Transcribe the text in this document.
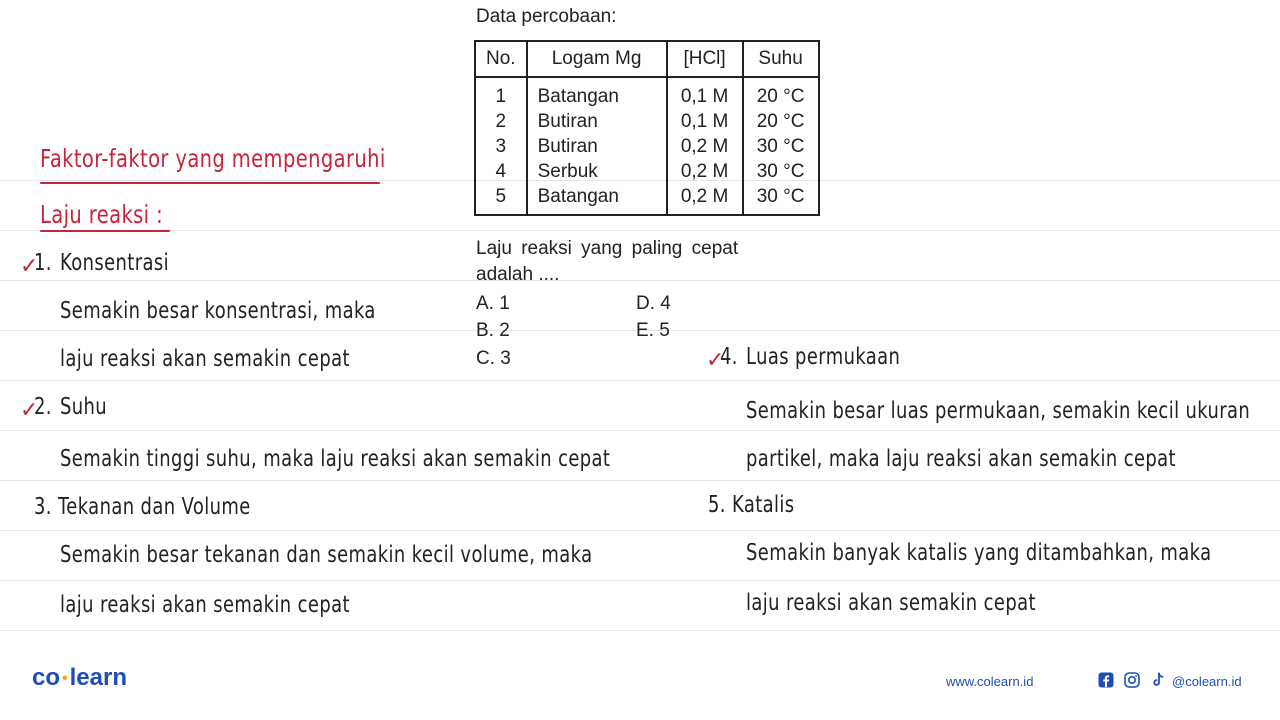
Data percobaan:
No.	Logam Mg	[HCl]	Suhu
1	Batangan	0,1 M	20 °C
2	Butiran	0,1 M	20 °C
3	Butiran	0,2 M	30 °C
4	Serbuk	0,2 M	30 °C
5	Batangan	0,2 M	30 °C
Laju reaksi yang paling cepat
adalah ....
A. 1
B. 2
C. 3
D. 4
E. 5
Faktor-faktor yang mempengaruhi
Laju reaksi :
✓
1. Konsentrasi
Semakin besar konsentrasi, maka
laju reaksi akan semakin cepat
✓
2. Suhu
Semakin tinggi suhu, maka laju reaksi akan semakin cepat
3. Tekanan dan Volume
Semakin besar tekanan dan semakin kecil volume, maka
laju reaksi akan semakin cepat
✓
4. Luas permukaan
Semakin besar luas permukaan, semakin kecil ukuran
partikel, maka laju reaksi akan semakin cepat
5. Katalis
Semakin banyak katalis yang ditambahkan, maka
laju reaksi akan semakin cepat
co •learn	www.colearn.id	@colearn.id
